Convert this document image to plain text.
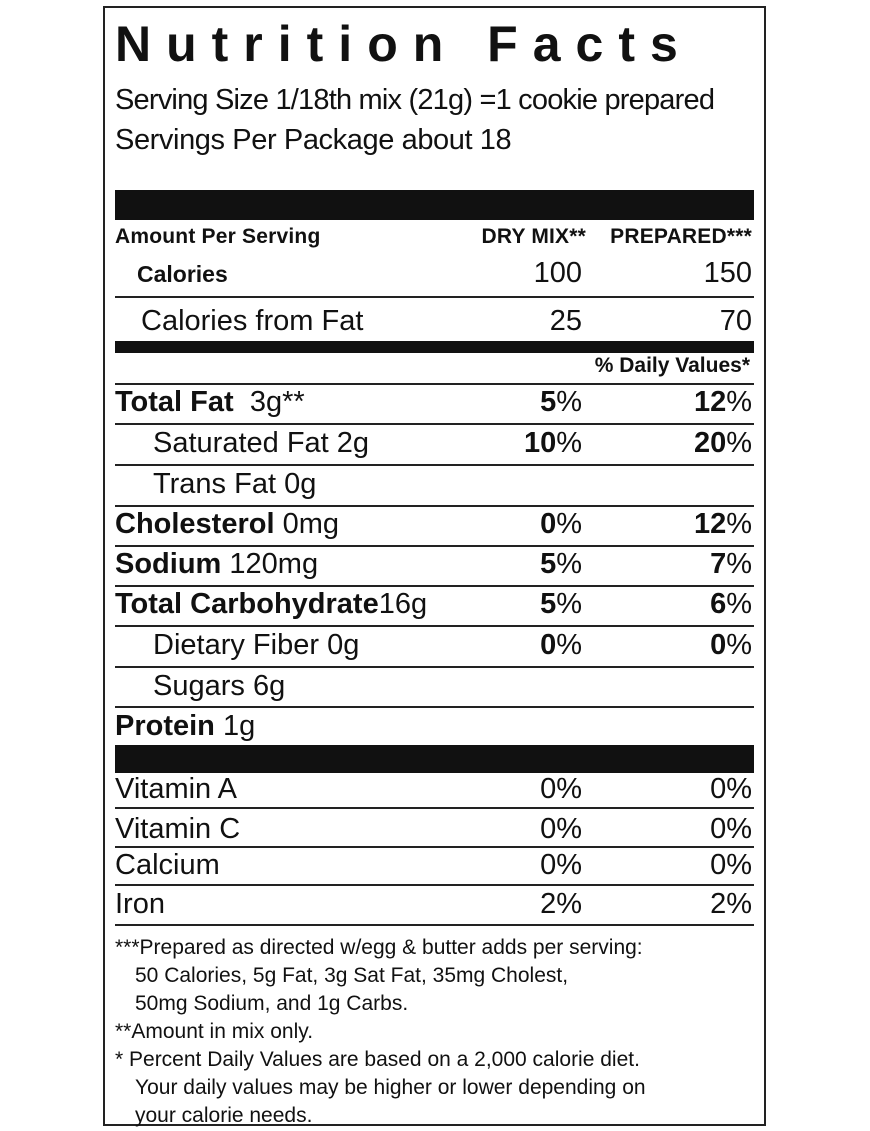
Nutrition Facts
Serving Size 1/18th mix (21g) =1 cookie prepared
Servings Per Package about 18
Amount Per Serving	DRY MIX** PREPARED***
Calories	100	150
Calories from Fat	25	70
% Daily Values*
Total Fat 3g**	5%	12%
Saturated Fat 2g	10%	20%
Trans Fat 0g
Cholesterol 0mg	0%	12%
Sodium 120mg	5%	7%
Total Carbohydrate16g	5%	6%
Dietary Fiber 0g	0%	0%
Sugars 6g
Protein 1g
Vitamin A	0%	0%
Vitamin C	0%	0%
Calcium	0%	0%
Iron	2%	2%
***Prepared as directed w/egg & butter adds per serving:
50 Calories, 5g Fat, 3g Sat Fat, 35mg Cholest,
50mg Sodium, and 1g Carbs.
**Amount in mix only.
* Percent Daily Values are based on a 2,000 calorie diet.
Your daily values may be higher or lower depending on
your calorie needs.
